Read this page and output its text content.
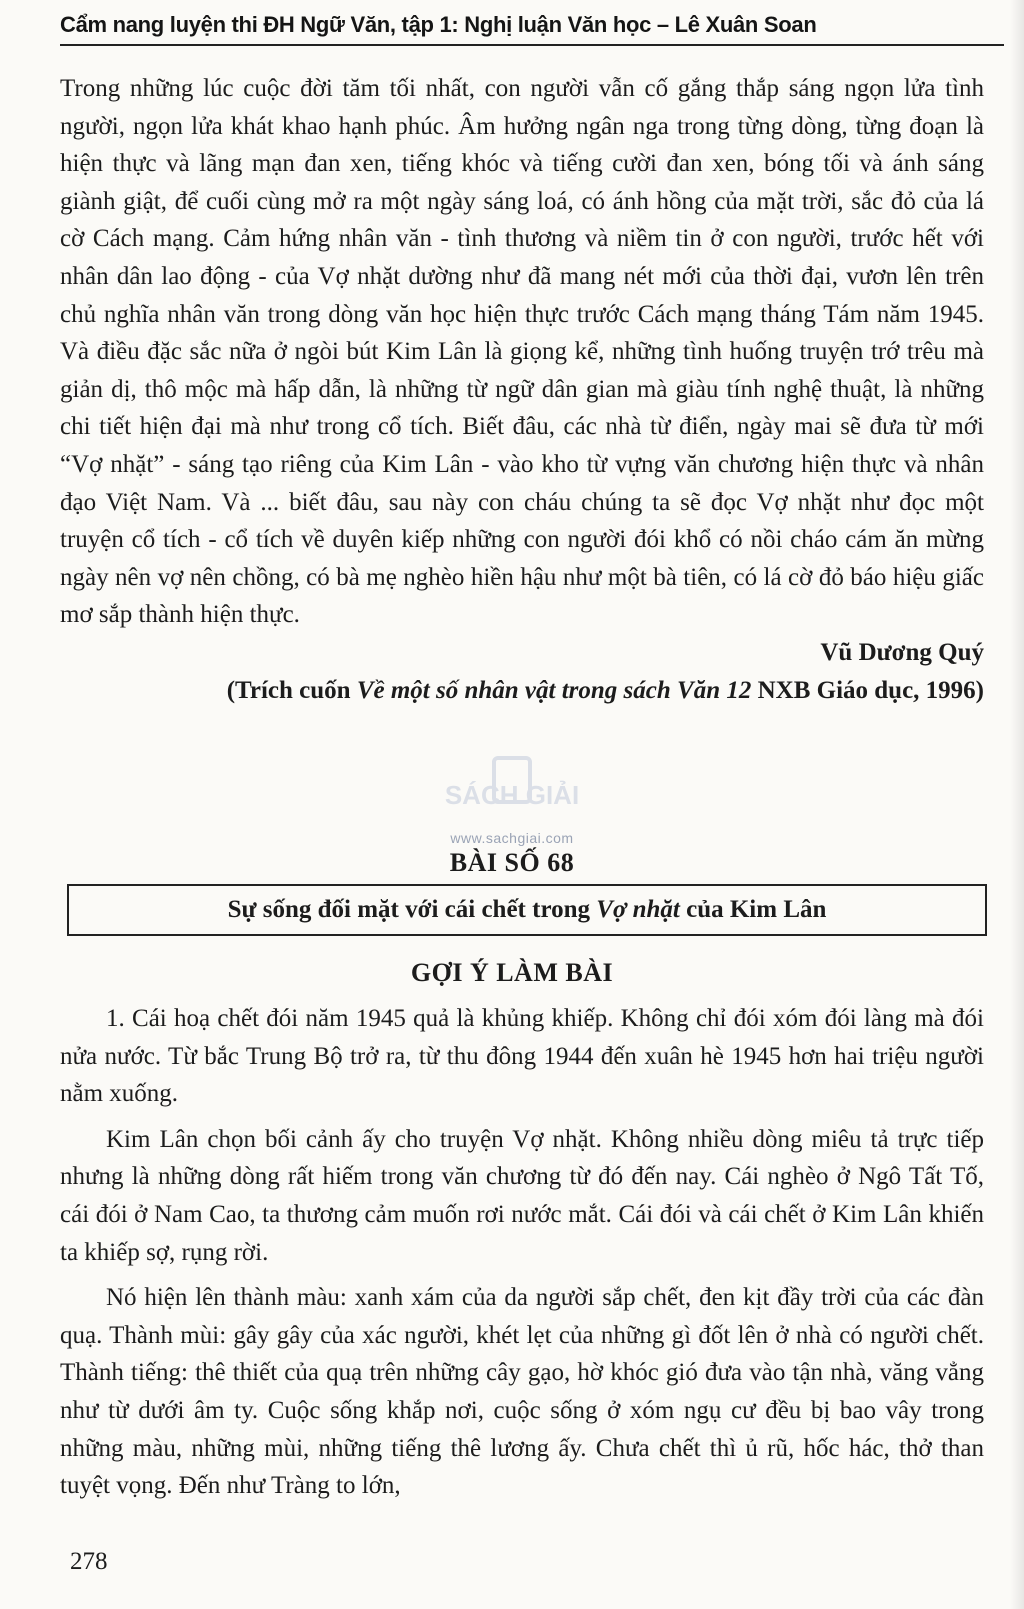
Cẩm nang luyện thi ĐH Ngữ Văn, tập 1: Nghị luận Văn học – Lê Xuân Soan

Trong những lúc cuộc đời tăm tối nhất, con người vẫn cố gắng thắp sáng ngọn lửa tình người, ngọn lửa khát khao hạnh phúc. Âm hưởng ngân nga trong từng dòng, từng đoạn là hiện thực và lãng mạn đan xen, tiếng khóc và tiếng cười đan xen, bóng tối và ánh sáng giành giật, để cuối cùng mở ra một ngày sáng loá, có ánh hồng của mặt trời, sắc đỏ của lá cờ Cách mạng. Cảm hứng nhân văn - tình thương và niềm tin ở con người, trước hết với nhân dân lao động - của Vợ nhặt dường như đã mang nét mới của thời đại, vươn lên trên chủ nghĩa nhân văn trong dòng văn học hiện thực trước Cách mạng tháng Tám năm 1945. Và điều đặc sắc nữa ở ngòi bút Kim Lân là giọng kể, những tình huống truyện trớ trêu mà giản dị, thô mộc mà hấp dẫn, là những từ ngữ dân gian mà giàu tính nghệ thuật, là những chi tiết hiện đại mà như trong cổ tích. Biết đâu, các nhà từ điển, ngày mai sẽ đưa từ mới “Vợ nhặt” - sáng tạo riêng của Kim Lân - vào kho từ vựng văn chương hiện thực và nhân đạo Việt Nam. Và ... biết đâu, sau này con cháu chúng ta sẽ đọc Vợ nhặt như đọc một truyện cổ tích - cổ tích về duyên kiếp những con người đói khổ có nồi cháo cám ăn mừng ngày nên vợ nên chồng, có bà mẹ nghèo hiền hậu như một bà tiên, có lá cờ đỏ báo hiệu giấc mơ sắp thành hiện thực.

Vũ Dương Quý

(Trích cuốn Về một số nhân vật trong sách Văn 12 NXB Giáo dục, 1996)

SÁCH GIẢI
www.sachgiai.com
BÀI SỐ 68
Sự sống đối mặt với cái chết trong Vợ nhặt của Kim Lân
GỢI Ý LÀM BÀI

1. Cái hoạ chết đói năm 1945 quả là khủng khiếp. Không chỉ đói xóm đói làng mà đói nửa nước. Từ bắc Trung Bộ trở ra, từ thu đông 1944 đến xuân hè 1945 hơn hai triệu người nằm xuống.

Kim Lân chọn bối cảnh ấy cho truyện Vợ nhặt. Không nhiều dòng miêu tả trực tiếp nhưng là những dòng rất hiếm trong văn chương từ đó đến nay. Cái nghèo ở Ngô Tất Tố, cái đói ở Nam Cao, ta thương cảm muốn rơi nước mắt. Cái đói và cái chết ở Kim Lân khiến ta khiếp sợ, rụng rời.

Nó hiện lên thành màu: xanh xám của da người sắp chết, đen kịt đầy trời của các đàn quạ. Thành mùi: gây gây của xác người, khét lẹt của những gì đốt lên ở nhà có người chết. Thành tiếng: thê thiết của quạ trên những cây gạo, hờ khóc gió đưa vào tận nhà, văng vẳng như từ dưới âm ty. Cuộc sống khắp nơi, cuộc sống ở xóm ngụ cư đều bị bao vây trong những màu, những mùi, những tiếng thê lương ấy. Chưa chết thì ủ rũ, hốc hác, thở than tuyệt vọng. Đến như Tràng to lớn,

278
